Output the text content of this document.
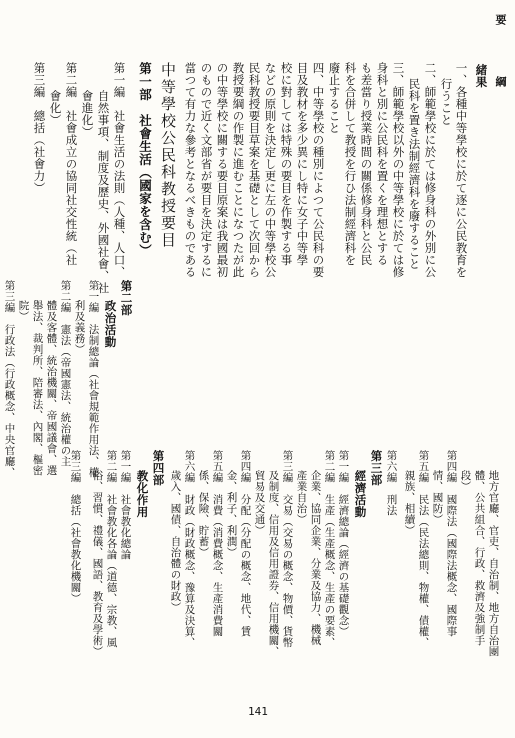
要
綱
緒果
一、各種中等學校に於て逐に公民教育を
行うこと
二、師範學校に於ては修身科の外別に公
民科を置き法制經濟科を廢すること
三、師範學校以外の中等學校に於ては修
身科と別に公民科を置くを理想とする
も差當り授業時間の關係修身科と公民
科を合併して教授を行ひ法制經濟科を
廢止すること
四、中等學校の種別によつて公民科の要
目及教材を多少異にし特に女子中等學
校に對しては特殊の要目を作製する事
などの原則を決定し更に左の中等學校公
民科教授要目草案を基礎として次回から
教授要綱の作製に進むことになつたが此
の中等學校に關する要目原案は我國最初
のもので近く文部省が要目を決定するに
當つて有力な參考となるべきものである
中等學校公民科教授要目
第一部　社會生活（國家を含む）
第一編　社會生活の法則（人種、人口、
自然事項、制度及歷史、外國社會、社
會進化）
第二編　社會成立の協同社交性統（社
會化）
第三編　總括（社會力）
第二部
政治活動
第一編　法制總論（社會規範作用法、權
利及義務）
第二編　憲法（帝國憲法、統治權の主
體及客體、統治機關、帝國議會、選
舉法、裁判所、陪審法、內閣、樞密
院）
第三編　行政法（行政概念、中央官廳、
地方官廳、官吏、自治制、地方自治團
體、公共組合、行政、救濟及強制手
段）
第四編　國際法（國際法概念、國際事
情、國防）
第五編　民法（民法總則、物權、債權、
親族、相續）
第六編　刑法
第三部
經濟活動
第一編　經濟總論（經濟の基礎觀念）
第二編　生產（生產概念、生產の要素、
企業、協同企業、分業及協力、機械
產業自治）
第三編　交易（交易の概念、物價、貨幣
及制度、信用及信用證券、信用機關、
貿易及交通）
第四編　分配（分配の概念、地代、賃
金、利子、利潤）
第五編　消費（消費概念、生產消費關
係、保險、貯蓄）
第六編　財政（財政概念、豫算及決算、
歲入、國債、自治體の財政）
第四部
教化作用
第一編　社會教化總論
第二編　社會教化各論（道德、宗教、風
俗、習慣、禮儀、國語、教育及學術）
第三編　總括（社會教化機關）
141
